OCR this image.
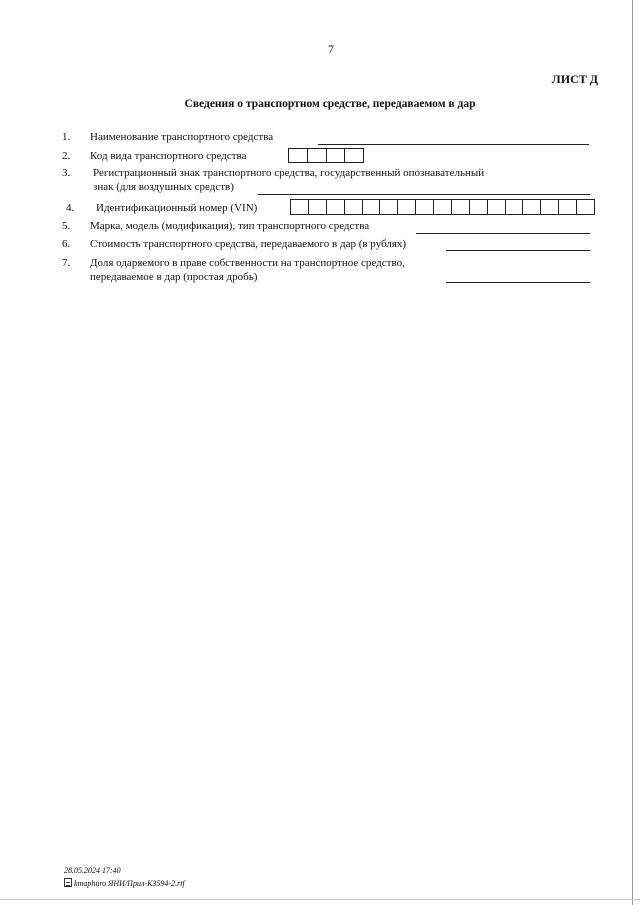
7
ЛИСТ Д
Сведения о транспортном средстве, передаваемом в дар
1. Наименование транспортного средства
2. Код вида транспортного средства
3. Регистрационный знак транспортного средства, государственный опознавательный
знак (для воздушных средств)
4. Идентификационный номер (VIN)
5. Марка, модель (модификация), тип транспортного средства
6. Стоимость транспортного средства, передаваемого в дар (в рублях)
7. Доля одаряемого в праве собственности на транспортное средство,
передаваемое в дар (простая дробь)
28.05.2024 17:40
kmaphuro ЯНИ/Прил-К3594-2.rtf
